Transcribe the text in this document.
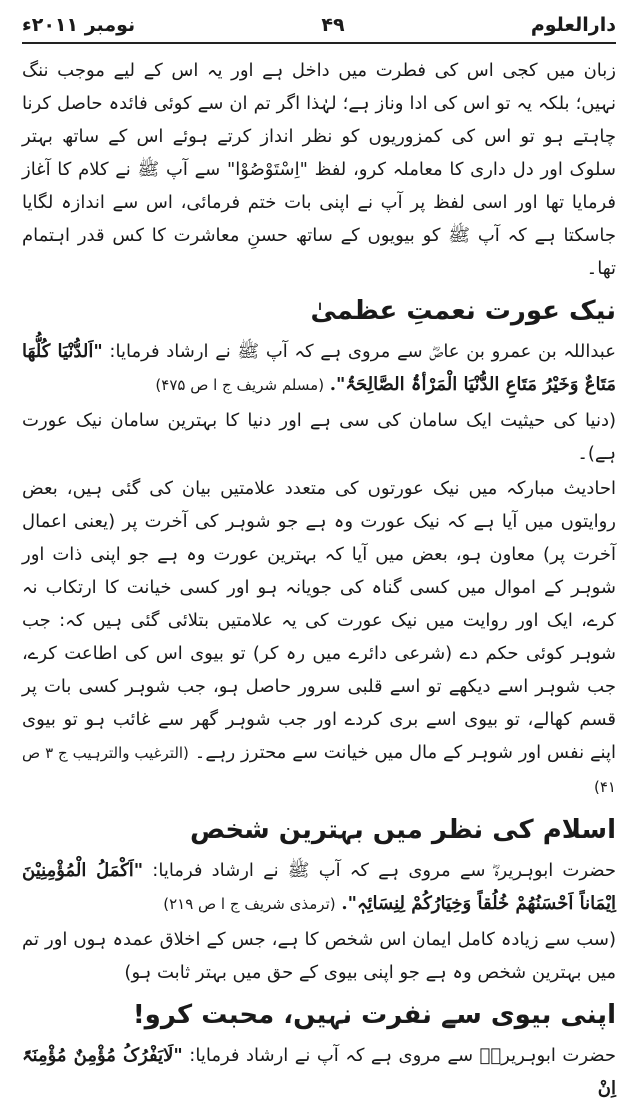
دارالعلوم
۴۹
نومبر ۲۰۱۱ء

زبان میں کجی اس کی فطرت میں داخل ہے اور یہ اس کے لیے موجب ننگ نہیں؛ بلکہ یہ تو اس کی ادا وناز ہے؛ لہٰذا اگر تم ان سے کوئی فائدہ حاصل کرنا چاہتے ہو تو اس کی کمزوریوں کو نظر انداز کرتے ہوئے اس کے ساتھ بہتر سلوک اور دل داری کا معاملہ کرو، لفظ "اِسْتَوْصُوْا" سے آپ ﷺ نے کلام کا آغاز فرمایا تھا اور اسی لفظ پر آپ نے اپنی بات ختم فرمائی، اس سے اندازہ لگایا جاسکتا ہے کہ آپ ﷺ کو بیویوں کے ساتھ حسنِ معاشرت کا کس قدر اہتمام تھا۔

نیک عورت نعمتِ عظمیٰ

عبداللہ بن عمرو بن عاصؓ سے مروی ہے کہ آپ ﷺ نے ارشاد فرمایا: "اَلدُّنْیَا کُلُّھَا مَتَاعٌ وَخَیْرُ مَتَاعِ الدُّنْیَا الْمَرْأۃُ الصَّالِحَۃُ". (مسلم شریف ج ا ص ۴۷۵)

(دنیا کی حیثیت ایک سامان کی سی ہے اور دنیا کا بہترین سامان نیک عورت ہے)۔

احادیث مبارکہ میں نیک عورتوں کی متعدد علامتیں بیان کی گئی ہیں، بعض روایتوں میں آیا ہے کہ نیک عورت وہ ہے جو شوہر کی آخرت پر (یعنی اعمال آخرت پر) معاون ہو، بعض میں آیا کہ بہترین عورت وہ ہے جو اپنی ذات اور شوہر کے اموال میں کسی گناہ کی جویانہ ہو اور کسی خیانت کا ارتکاب نہ کرے، ایک اور روایت میں نیک عورت کی یہ علامتیں بتلائی گئی ہیں کہ: جب شوہر کوئی حکم دے (شرعی دائرے میں رہ کر) تو بیوی اس کی اطاعت کرے، جب شوہر اسے دیکھے تو اسے قلبی سرور حاصل ہو، جب شوہر کسی بات پر قسم کھالے، تو بیوی اسے بری کردے اور جب شوہر گھر سے غائب ہو تو بیوی اپنے نفس اور شوہر کے مال میں خیانت سے محترز رہے۔ (الترغیب والترہیب ج ۳ ص ۴۱)

اسلام کی نظر میں بہترین شخص

حضرت ابوہریرہؓ سے مروی ہے کہ آپ ﷺ نے ارشاد فرمایا: "اَکْمَلُ الْمُؤْمِنِیْنَ اِیْمَاناً اَحْسَنُھُمْ خُلُقاً وَخِیَارُکُمْ لِنِسَائِہٖ". (ترمذی شریف ج ا ص ۲۱۹)

(سب سے زیادہ کامل ایمان اس شخص کا ہے، جس کے اخلاق عمدہ ہوں اور تم میں بہترین شخص وہ ہے جو اپنی بیوی کے حق میں بہتر ثابت ہو)

اپنی بیوی سے نفرت نہیں، محبت کرو!

حضرت ابوہریرہؓ سے مروی ہے کہ آپ نے ارشاد فرمایا: "لَایَفْرُکُ مُؤْمِنٌ مُؤْمِنَۃً اِنْ
